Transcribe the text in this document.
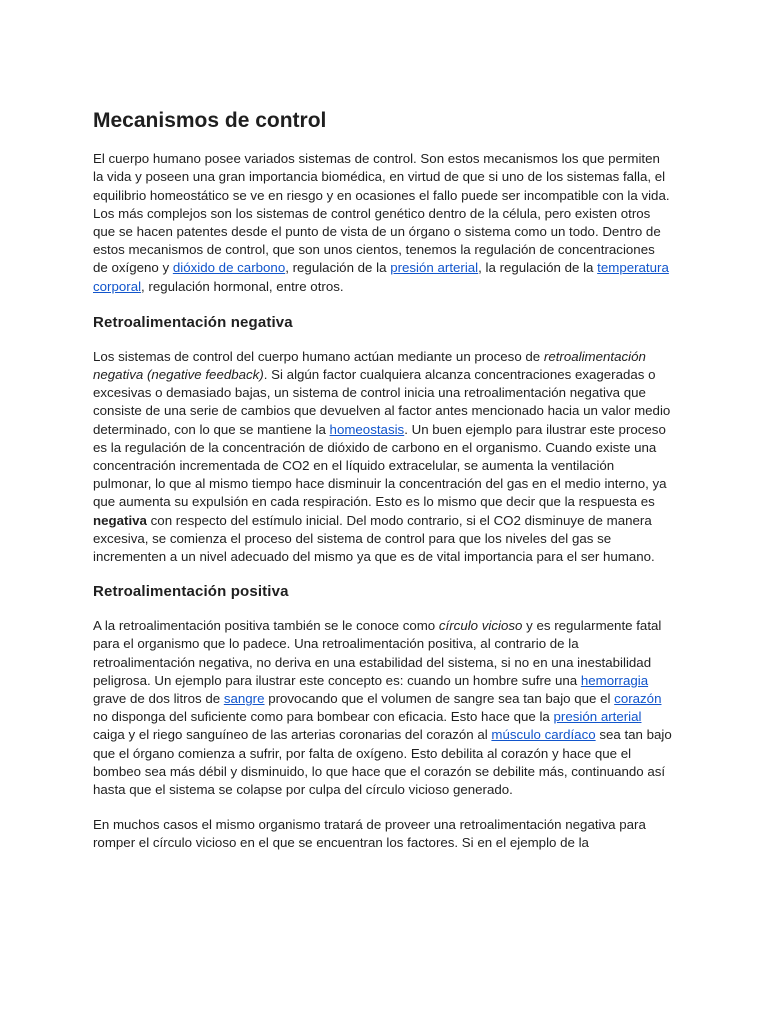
Mecanismos de control

El cuerpo humano posee variados sistemas de control. Son estos mecanismos los que permiten la vida y poseen una gran importancia biomédica, en virtud de que si uno de los sistemas falla, el equilibrio homeostático se ve en riesgo y en ocasiones el fallo puede ser incompatible con la vida. Los más complejos son los sistemas de control genético dentro de la célula, pero existen otros que se hacen patentes desde el punto de vista de un órgano o sistema como un todo. Dentro de estos mecanismos de control, que son unos cientos, tenemos la regulación de concentraciones de oxígeno y dióxido de carbono, regulación de la presión arterial, la regulación de la temperatura corporal, regulación hormonal, entre otros.

Retroalimentación negativa

Los sistemas de control del cuerpo humano actúan mediante un proceso de retroalimentación negativa (negative feedback). Si algún factor cualquiera alcanza concentraciones exageradas o excesivas o demasiado bajas, un sistema de control inicia una retroalimentación negativa que consiste de una serie de cambios que devuelven al factor antes mencionado hacia un valor medio determinado, con lo que se mantiene la homeostasis. Un buen ejemplo para ilustrar este proceso es la regulación de la concentración de dióxido de carbono en el organismo. Cuando existe una concentración incrementada de CO2 en el líquido extracelular, se aumenta la ventilación pulmonar, lo que al mismo tiempo hace disminuir la concentración del gas en el medio interno, ya que aumenta su expulsión en cada respiración. Esto es lo mismo que decir que la respuesta es negativa con respecto del estímulo inicial. Del modo contrario, si el CO2 disminuye de manera excesiva, se comienza el proceso del sistema de control para que los niveles del gas se incrementen a un nivel adecuado del mismo ya que es de vital importancia para el ser humano.

Retroalimentación positiva

A la retroalimentación positiva también se le conoce como círculo vicioso y es regularmente fatal para el organismo que lo padece. Una retroalimentación positiva, al contrario de la retroalimentación negativa, no deriva en una estabilidad del sistema, si no en una inestabilidad peligrosa. Un ejemplo para ilustrar este concepto es: cuando un hombre sufre una hemorragia grave de dos litros de sangre provocando que el volumen de sangre sea tan bajo que el corazón no disponga del suficiente como para bombear con eficacia. Esto hace que la presión arterial caiga y el riego sanguíneo de las arterias coronarias del corazón al músculo cardíaco sea tan bajo que el órgano comienza a sufrir, por falta de oxígeno. Esto debilita al corazón y hace que el bombeo sea más débil y disminuido, lo que hace que el corazón se debilite más, continuando así hasta que el sistema se colapse por culpa del círculo vicioso generado.

En muchos casos el mismo organismo tratará de proveer una retroalimentación negativa para romper el círculo vicioso en el que se encuentran los factores. Si en el ejemplo de la
